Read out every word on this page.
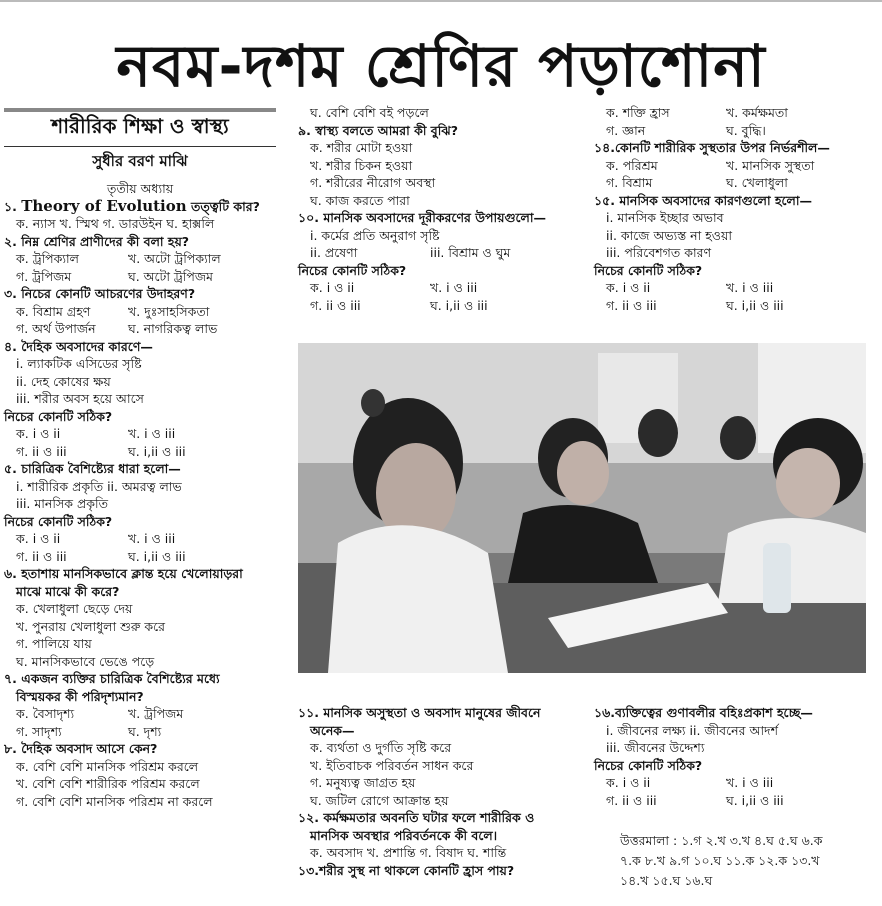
নবম-দশম শ্রেণির পড়াশোনা
শারীরিক শিক্ষা ও স্বাস্থ্য
সুধীর বরণ মাঝি
তৃতীয় অধ্যায়

১. Theory of Evolution তত্ত্বটি কার?

ক. ন্যাস খ. স্মিথ গ. ডারউইন ঘ. হাক্সলি

২. নিম্ন শ্রেণির প্রাণীদের কী বলা হয়?

ক. ট্রপিক্যাল	খ. অটো ট্রপিক্যাল

গ. ট্রপিজম	ঘ. অটো ট্রপিজম

৩. নিচের কোনটি আচরণের উদাহরণ?

ক. বিশ্রাম গ্রহণ	খ. দুঃসাহসিকতা

গ. অর্থ উপার্জন	ঘ. নাগরিকত্ব লাভ

৪. দৈহিক অবসাদের কারণে—

i. ল্যাকটিক এসিডের সৃষ্টি

ii. দেহ কোষের ক্ষয়

iii. শরীর অবস হয়ে আসে

নিচের কোনটি সঠিক?

ক. i ও ii	খ. i ও iii

গ. ii ও iii	ঘ. i,ii ও iii

৫. চারিত্রিক বৈশিষ্ট্যের ধারা হলো—

i. শারীরিক প্রকৃতি ii. অমরত্ব লাভ

iii. মানসিক প্রকৃতি

নিচের কোনটি সঠিক?

ক. i ও ii	খ. i ও iii

গ. ii ও iii	ঘ. i,ii ও iii

৬. হতাশায় মানসিকভাবে ক্লান্ত হয়ে খেলোয়াড়রা

মাঝে মাঝে কী করে?

ক. খেলাধুলা ছেড়ে দেয়

খ. পুনরায় খেলাধুলা শুরু করে

গ. পালিয়ে যায়

ঘ. মানসিকভাবে ভেঙে পড়ে

৭. একজন ব্যক্তির চারিত্রিক বৈশিষ্ট্যের মধ্যে

বিস্ময়কর কী পরিদৃশ্যমান?

ক. বৈসাদৃশ্য	খ. ট্রপিজম

গ. সাদৃশ্য	ঘ. দৃশ্য

৮. দৈহিক অবসাদ আসে কেন?

ক. বেশি বেশি মানসিক পরিশ্রম করলে

খ. বেশি বেশি শারীরিক পরিশ্রম করলে

গ. বেশি বেশি মানসিক পরিশ্রম না করলে

ঘ. বেশি বেশি বই পড়লে

৯. স্বাস্থ্য বলতে আমরা কী বুঝি?

ক. শরীর মোটা হওয়া

খ. শরীর চিকন হওয়া

গ. শরীরের নীরোগ অবস্থা

ঘ. কাজ করতে পারা

১০. মানসিক অবসাদের দূরীকরণের উপায়গুলো—

i. কর্মের প্রতি অনুরাগ সৃষ্টি

ii. প্রষেণা	iii. বিশ্রাম ও ঘুম

নিচের কোনটি সঠিক?

ক. i ও ii	খ. i ও iii

গ. ii ও iii	ঘ. i,ii ও iii

ক. শক্তি হ্রাস	খ. কর্মক্ষমতা

গ. জ্ঞান	ঘ. বুদ্ধি।

১৪.কোনটি শারীরিক সুস্থতার উপর নির্ভরশীল—

ক. পরিশ্রম	খ. মানসিক সুস্থতা

গ. বিশ্রাম	ঘ. খেলাধুলা

১৫. মানসিক অবসাদের কারণগুলো হলো—

i. মানসিক ইচ্ছার অভাব

ii. কাজে অভ্যস্ত না হওয়া

iii. পরিবেশগত কারণ

নিচের কোনটি সঠিক?

ক. i ও ii	খ. i ও iii

গ. ii ও iii	ঘ. i,ii ও iii

১১. মানসিক অসুস্থতা ও অবসাদ মানুষের জীবনে

অনেক—

ক. ব্যর্থতা ও দুর্গতি সৃষ্টি করে

খ. ইতিবাচক পরিবর্তন সাধন করে

গ. মনুষ্যত্ব জাগ্রত হয়

ঘ. জটিল রোগে আক্রান্ত হয়

১২. কর্মক্ষমতার অবনতি ঘটার ফলে শারীরিক ও

মানসিক অবস্থার পরিবর্তনকে কী বলে।

ক. অবসাদ খ. প্রশান্তি গ. বিষাদ ঘ. শান্তি

১৩.শরীর সুস্থ না থাকলে কোনটি হ্রাস পায়?

১৬.ব্যক্তিত্বের গুণাবলীর বহিঃপ্রকাশ হচ্ছে—

i. জীবনের লক্ষ্য ii. জীবনের আদর্শ

iii. জীবনের উদ্দেশ্য

নিচের কোনটি সঠিক?

ক. i ও ii	খ. i ও iii

গ. ii ও iii	ঘ. i,ii ও iii

উত্তরমালা : ১.গ ২.খ ৩.খ ৪.ঘ ৫.ঘ ৬.ক

৭.ক ৮.খ ৯.গ ১০.ঘ ১১.ক ১২.ক ১৩.খ

১৪.খ ১৫.ঘ ১৬.ঘ
